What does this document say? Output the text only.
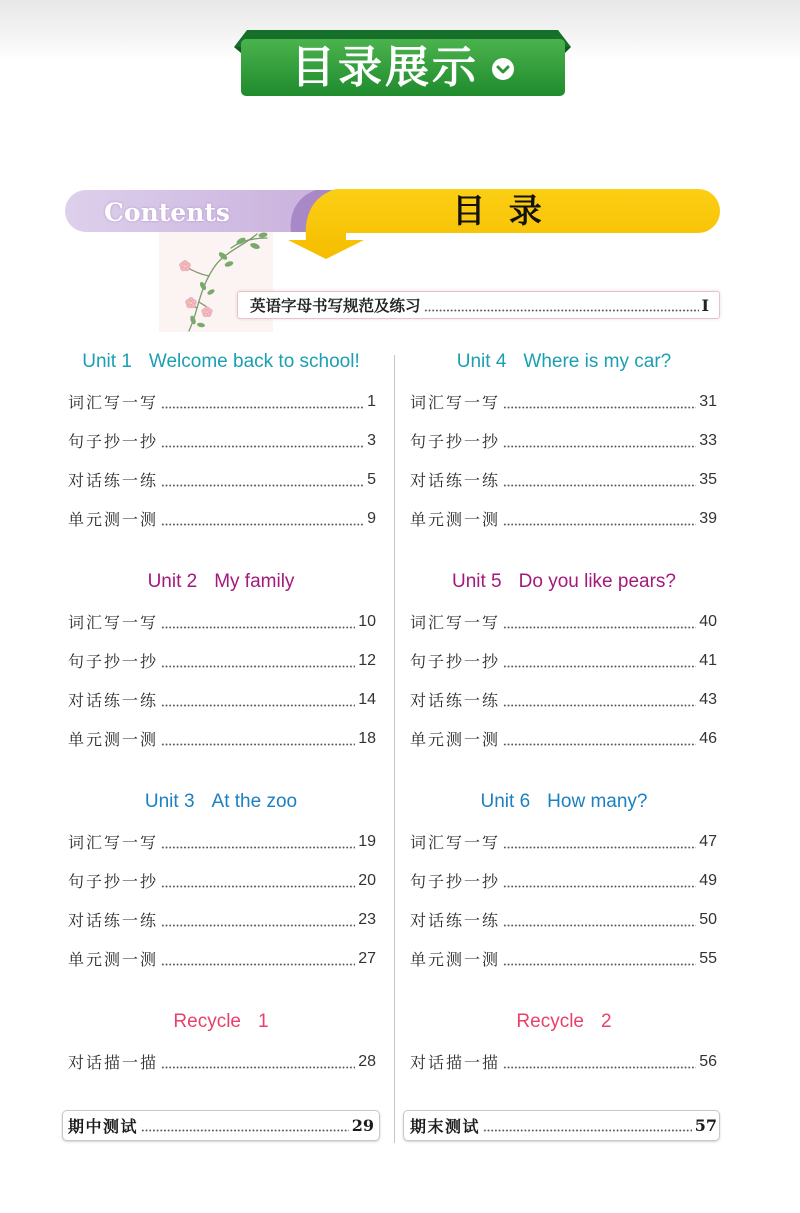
目录展示
Contents	目 录
英语字母书写规范及练习	I
Unit 1 Welcome back to school!
词汇写一写	1
句子抄一抄	3
对话练一练	5
单元测一测	9
Unit 2 My family
词汇写一写	10
句子抄一抄	12
对话练一练	14
单元测一测	18
Unit 3 At the zoo
词汇写一写	19
句子抄一抄	20
对话练一练	23
单元测一测	27
Recycle 1
对话描一描	28
期中测试	29
Unit 4 Where is my car?
词汇写一写	31
句子抄一抄	33
对话练一练	35
单元测一测	39
Unit 5 Do you like pears?
词汇写一写	40
句子抄一抄	41
对话练一练	43
单元测一测	46
Unit 6 How many?
词汇写一写	47
句子抄一抄	49
对话练一练	50
单元测一测	55
Recycle 2
对话描一描	56
期末测试	57
